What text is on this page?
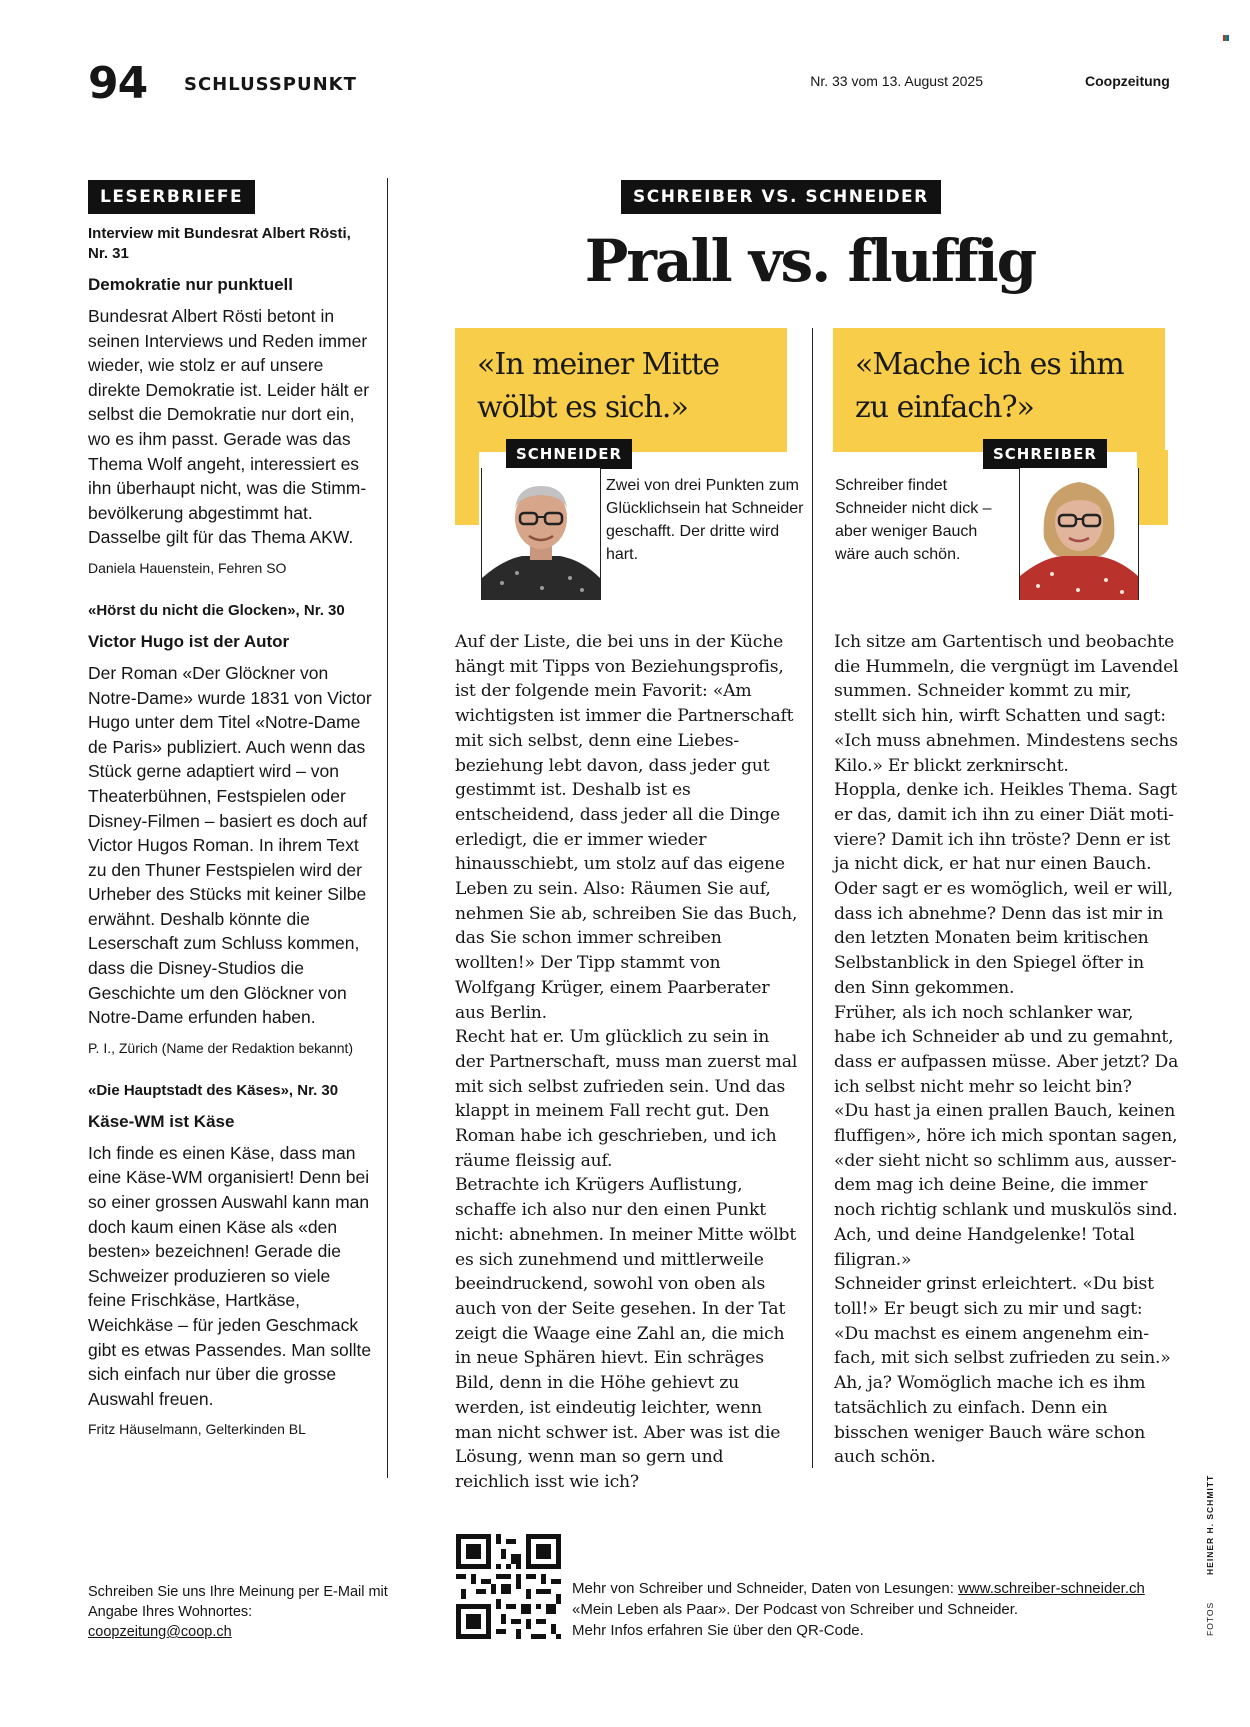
94 SCHLUSSPUNKT	Nr. 33 vom 13. August 2025	Coopzeitung
LESERBRIEFE

Interview mit Bundesrat Albert Rösti, Nr. 31

Demokratie nur punktuell

Bundesrat Albert Rösti betont in seinen Interviews und Reden immer wieder, wie stolz er auf unsere direkte Demokratie ist. Leider hält er selbst die Demokratie nur dort ein, wo es ihm passt. Gerade was das Thema Wolf angeht, interessiert es ihn überhaupt nicht, was die Stimmbevölkerung abgestimmt hat. Dasselbe gilt für das Thema AKW.

Daniela Hauenstein, Fehren SO

«Hörst du nicht die Glocken», Nr. 30

Victor Hugo ist der Autor

Der Roman «Der Glöckner von Notre-Dame» wurde 1831 von Victor Hugo unter dem Titel «Notre-Dame de Paris» publiziert. Auch wenn das Stück gerne adaptiert wird – von Theaterbühnen, Festspielen oder Disney-Filmen – basiert es doch auf Victor Hugos Roman. In ihrem Text zu den Thuner Festspielen wird der Urheber des Stücks mit keiner Silbe erwähnt. Deshalb könnte die Leserschaft zum Schluss kommen, dass die Disney-Studios die Geschichte um den Glöckner von Notre-Dame erfunden haben.

P. I., Zürich (Name der Redaktion bekannt)

«Die Hauptstadt des Käses», Nr. 30

Käse-WM ist Käse

Ich finde es einen Käse, dass man eine Käse-WM organisiert! Denn bei so einer grossen Auswahl kann man doch kaum einen Käse als «den besten» bezeichnen! Gerade die Schweizer produzieren so viele feine Frischkäse, Hartkäse, Weichkäse – für jeden Geschmack gibt es etwas Passendes. Man sollte sich einfach nur über die grosse Auswahl freuen.

Fritz Häuselmann, Gelterkinden BL

Schreiben Sie uns Ihre Meinung per E-Mail mit Angabe Ihres Wohnortes:
coopzeitung@coop.ch
SCHREIBER VS. SCHNEIDER
Prall vs. fluffig
«In meiner Mitte wölbt es sich.»
SCHNEIDER
Zwei von drei Punkten zum Glücklichsein hat Schneider geschafft. Der dritte wird hart.
«Mache ich es ihm zu einfach?»
SCHREIBER
Schreiber findet Schneider nicht dick – aber weniger Bauch wäre auch schön.

Auf der Liste, die bei uns in der Küche hängt mit Tipps von Beziehungsprofis, ist der folgende mein Favorit: «Am wichtigsten ist immer die Partnerschaft mit sich selbst, denn eine Liebesbeziehung lebt davon, dass jeder gut gestimmt ist. Deshalb ist es entscheidend, dass jeder all die Dinge erledigt, die er immer wieder hinausschiebt, um stolz auf das eigene Leben zu sein. Also: Räumen Sie auf, nehmen Sie ab, schreiben Sie das Buch, das Sie schon immer schreiben wollten!» Der Tipp stammt von Wolfgang Krüger, einem Paarberater aus Berlin.

Recht hat er. Um glücklich zu sein in der Partnerschaft, muss man zuerst mal mit sich selbst zufrieden sein. Und das klappt in meinem Fall recht gut. Den Roman habe ich geschrieben, und ich räume fleissig auf.

Betrachte ich Krügers Auflistung, schaffe ich also nur den einen Punkt nicht: abnehmen. In meiner Mitte wölbt es sich zunehmend und mittlerweile beeindruckend, sowohl von oben als auch von der Seite gesehen. In der Tat zeigt die Waage eine Zahl an, die mich in neue Sphären hievt. Ein schräges Bild, denn in die Höhe gehievt zu werden, ist eindeutig leichter, wenn man nicht schwer ist. Aber was ist die Lösung, wenn man so gern und reichlich isst wie ich?

Ich sitze am Gartentisch und beobachte die Hummeln, die vergnügt im Lavendel summen. Schneider kommt zu mir, stellt sich hin, wirft Schatten und sagt: «Ich muss abnehmen. Mindestens sechs Kilo.» Er blickt zerknirscht.

Hoppla, denke ich. Heikles Thema. Sagt er das, damit ich ihn zu einer Diät motiviere? Damit ich ihn tröste? Denn er ist ja nicht dick, er hat nur einen Bauch. Oder sagt er es womöglich, weil er will, dass ich abnehme? Denn das ist mir in den letzten Monaten beim kritischen Selbstanblick in den Spiegel öfter in den Sinn gekommen.

Früher, als ich noch schlanker war, habe ich Schneider ab und zu gemahnt, dass er aufpassen müsse. Aber jetzt? Da ich selbst nicht mehr so leicht bin?

«Du hast ja einen prallen Bauch, keinen fluffigen», höre ich mich spontan sagen, «der sieht nicht so schlimm aus, ausserdem mag ich deine Beine, die immer noch richtig schlank und muskulös sind. Ach, und deine Handgelenke! Total filigran.»

Schneider grinst erleichtert. «Du bist toll!» Er beugt sich zu mir und sagt: «Du machst es einem angenehm einfach, mit sich selbst zufrieden zu sein.» Ah, ja? Womöglich mache ich es ihm tatsächlich zu einfach. Denn ein bisschen weniger Bauch wäre schon auch schön.

Mehr von Schreiber und Schneider, Daten von Lesungen: www.schreiber-schneider.ch
«Mein Leben als Paar». Der Podcast von Schreiber und Schneider.
Mehr Infos erfahren Sie über den QR-Code.	FOTOS        HEINER H. SCHMITT
